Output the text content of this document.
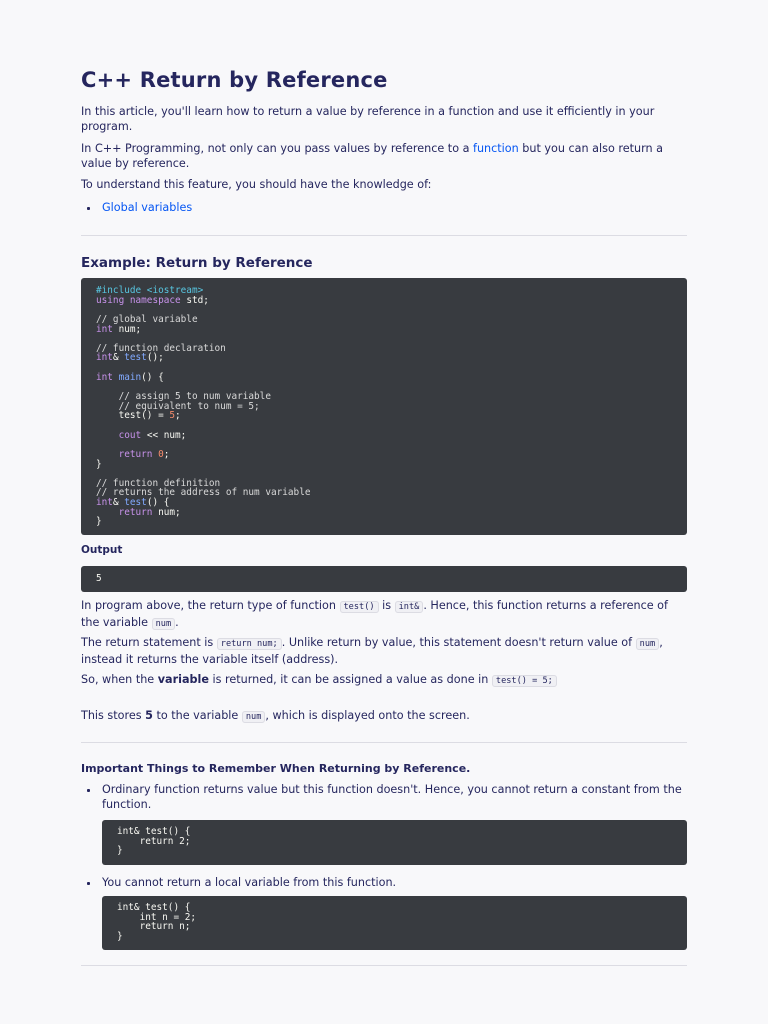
C++ Return by Reference

In this article, you'll learn how to return a value by reference in a function and use it efficiently in your program.

In C++ Programming, not only can you pass values by reference to a function but you can also return a value by reference.

To understand this feature, you should have the knowledge of:

Global variables
Example: Return by Reference
#include <iostream>
using namespace std;
// global variable
int num;
// function declaration
int& test();
int main() {
// assign 5 to num variable
// equivalent to num = 5;
test() = 5;
cout << num;
return 0;
}
// function definition
// returns the address of num variable
int& test() {
return num;
}
Output
5

In program above, the return type of function test() is int& . Hence, this function returns a reference of the variable num .

The return statement is return num; . Unlike return by value, this statement doesn't return value of num , instead it returns the variable itself (address).

So, when the variable is returned, it can be assigned a value as done in test() = 5;

This stores 5 to the variable num , which is displayed onto the screen.

Important Things to Remember When Returning by Reference.
Ordinary function returns value but this function doesn't. Hence, you cannot return a constant from the function.
int& test() {
return 2;
}
You cannot return a local variable from this function.
int& test() {
int n = 2;
return n;
}
